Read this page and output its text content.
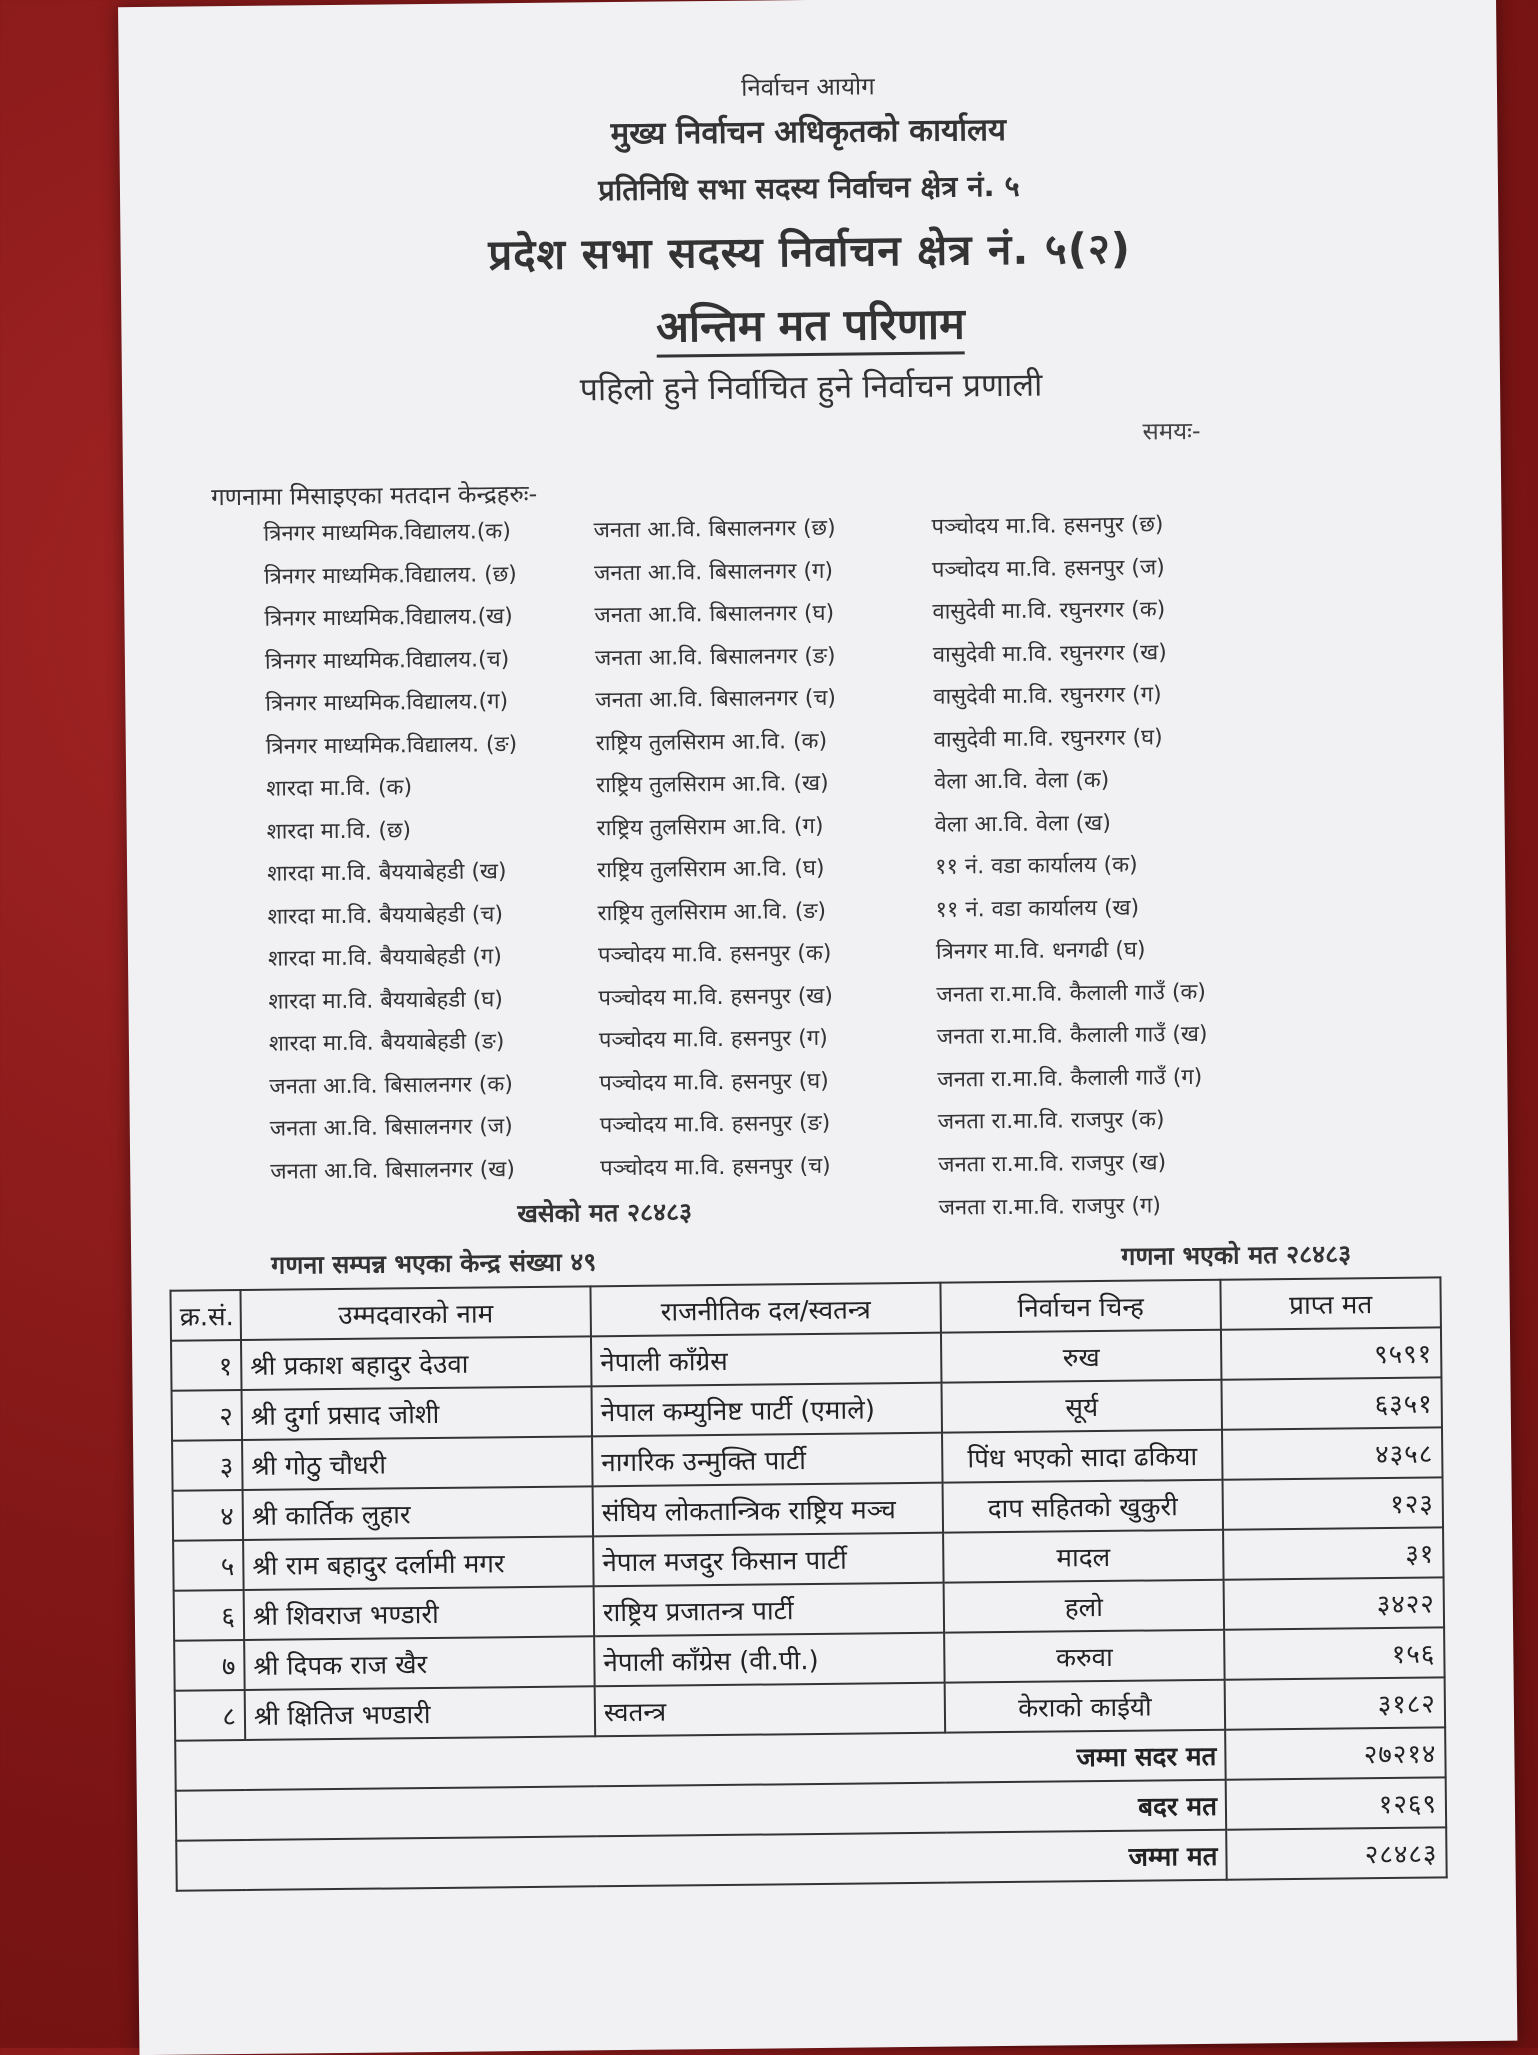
निर्वाचन आयोग
मुख्य निर्वाचन अधिकृतको कार्यालय
प्रतिनिधि सभा सदस्य निर्वाचन क्षेत्र नं. ५
प्रदेश सभा सदस्य निर्वाचन क्षेत्र नं. ५(२)
अन्तिम मत परिणाम
पहिलो हुने निर्वाचित हुने निर्वाचन प्रणाली
समयः-
गणनामा मिसाइएका मतदान केन्द्रहरुः-
त्रिनगर माध्यमिक.विद्यालय.(क)	जनता आ.वि. बिसालनगर (छ)	पञ्चोदय मा.वि. हसनपुर (छ)
त्रिनगर माध्यमिक.विद्यालय. (छ)	जनता आ.वि. बिसालनगर (ग)	पञ्चोदय मा.वि. हसनपुर (ज)
त्रिनगर माध्यमिक.विद्यालय.(ख)	जनता आ.वि. बिसालनगर (घ)	वासुदेवी मा.वि. रघुनरगर (क)
त्रिनगर माध्यमिक.विद्यालय.(च)	जनता आ.वि. बिसालनगर (ङ)	वासुदेवी मा.वि. रघुनरगर (ख)
त्रिनगर माध्यमिक.विद्यालय.(ग)	जनता आ.वि. बिसालनगर (च)	वासुदेवी मा.वि. रघुनरगर (ग)
त्रिनगर माध्यमिक.विद्यालय. (ङ)	राष्ट्रिय तुलसिराम आ.वि. (क)	वासुदेवी मा.वि. रघुनरगर (घ)
शारदा मा.वि. (क)	राष्ट्रिय तुलसिराम आ.वि. (ख)	वेला आ.वि. वेला (क)
शारदा मा.वि. (छ)	राष्ट्रिय तुलसिराम आ.वि. (ग)	वेला आ.वि. वेला (ख)
शारदा मा.वि. बैययाबेहडी (ख)	राष्ट्रिय तुलसिराम आ.वि. (घ)	११ नं. वडा कार्यालय (क)
शारदा मा.वि. बैययाबेहडी (च)	राष्ट्रिय तुलसिराम आ.वि. (ङ)	११ नं. वडा कार्यालय (ख)
शारदा मा.वि. बैययाबेहडी (ग)	पञ्चोदय मा.वि. हसनपुर (क)	त्रिनगर मा.वि. धनगढी (घ)
शारदा मा.वि. बैययाबेहडी (घ)	पञ्चोदय मा.वि. हसनपुर (ख)	जनता रा.मा.वि. कैलाली गाउँ (क)
शारदा मा.वि. बैययाबेहडी (ङ)	पञ्चोदय मा.वि. हसनपुर (ग)	जनता रा.मा.वि. कैलाली गाउँ (ख)
जनता आ.वि. बिसालनगर (क)	पञ्चोदय मा.वि. हसनपुर (घ)	जनता रा.मा.वि. कैलाली गाउँ (ग)
जनता आ.वि. बिसालनगर (ज)	पञ्चोदय मा.वि. हसनपुर (ङ)	जनता रा.मा.वि. राजपुर (क)
जनता आ.वि. बिसालनगर (ख)	पञ्चोदय मा.वि. हसनपुर (च)	जनता रा.मा.वि. राजपुर (ख)
खसेको मत २८४८३	जनता रा.मा.वि. राजपुर (ग)
गणना सम्पन्न भएका केन्द्र संख्या ४९	गणना भएको मत २८४८३
क्र.सं.	उम्मदवारको नाम	राजनीतिक दल/स्वतन्त्र	निर्वाचन चिन्ह	प्राप्त मत
१	श्री प्रकाश बहादुर देउवा	नेपाली काँग्रेस	रुख	९५९१
२	श्री दुर्गा प्रसाद जोशी	नेपाल कम्युनिष्ट पार्टी (एमाले)	सूर्य	६३५१
३	श्री गोठु चौधरी	नागरिक उन्मुक्ति पार्टी	पिंध भएको सादा ढकिया	४३५८
४	श्री कार्तिक लुहार	संघिय लोकतान्त्रिक राष्ट्रिय मञ्च	दाप सहितको खुकुरी	१२३
५	श्री राम बहादुर दर्लामी मगर	नेपाल मजदुर किसान पार्टी	मादल	३१
६	श्री शिवराज भण्डारी	राष्ट्रिय प्रजातन्त्र पार्टी	हलो	३४२२
७	श्री दिपक राज खैर	नेपाली काँग्रेस (वी.पी.)	करुवा	१५६
८	श्री क्षितिज भण्डारी	स्वतन्त्र	केराको काईयौ	३१८२
जम्मा सदर मत				२७२१४
बदर मत				१२६९
जम्मा मत				२८४८३
